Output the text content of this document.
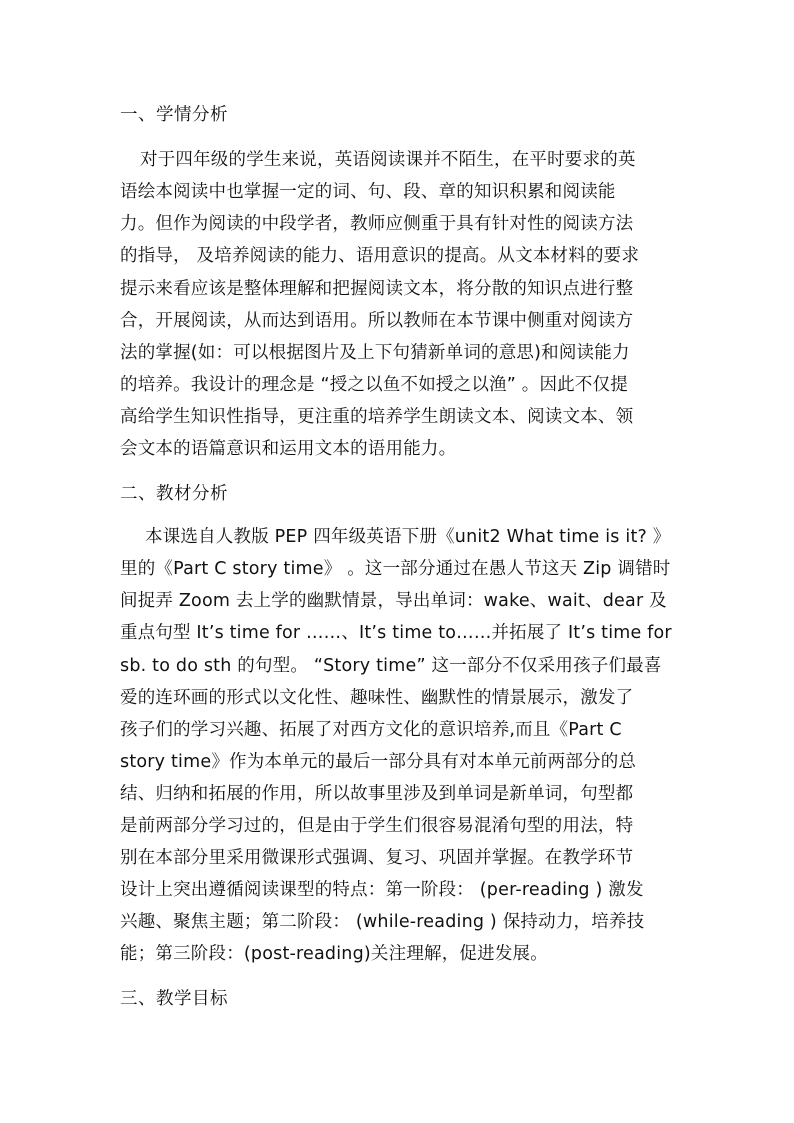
一、学情分析
对于四年级的学生来说，英语阅读课并不陌生，在平时要求的英
语绘本阅读中也掌握一定的词、句、段、章的知识积累和阅读能
力。但作为阅读的中段学者，教师应侧重于具有针对性的阅读方法
的指导， 及培养阅读的能力、语用意识的提高。从文本材料的要求
提示来看应该是整体理解和把握阅读文本，将分散的知识点进行整
合，开展阅读，从而达到语用。所以教师在本节课中侧重对阅读方
法的掌握(如：可以根据图片及上下句猜新单词的意思)和阅读能力
的培养。我设计的理念是 “授之以鱼不如授之以渔” 。因此不仅提
高给学生知识性指导，更注重的培养学生朗读文本、阅读文本、领
会文本的语篇意识和运用文本的语用能力。
二、教材分析
本课选自人教版 PEP 四年级英语下册《unit2 What time is it? 》
里的《Part C story time》 。这一部分通过在愚人节这天 Zip 调错时
间捉弄 Zoom 去上学的幽默情景，导出单词：wake、wait、dear 及
重点句型 It’s time for ……、It’s time to……并拓展了 It’s time for
sb. to do sth 的句型。 “Story time” 这一部分不仅采用孩子们最喜
爱的连环画的形式以文化性、趣味性、幽默性的情景展示，激发了
孩子们的学习兴趣、拓展了对西方文化的意识培养,而且《Part C
story time》作为本单元的最后一部分具有对本单元前两部分的总
结、归纳和拓展的作用，所以故事里涉及到单词是新单词，句型都
是前两部分学习过的，但是由于学生们很容易混淆句型的用法，特
别在本部分里采用微课形式强调、复习、巩固并掌握。在教学环节
设计上突出遵循阅读课型的特点：第一阶段： (per-reading ) 激发
兴趣、聚焦主题；第二阶段： (while-reading ) 保持动力，培养技
能；第三阶段：(post-reading)关注理解，促进发展。
三、教学目标
